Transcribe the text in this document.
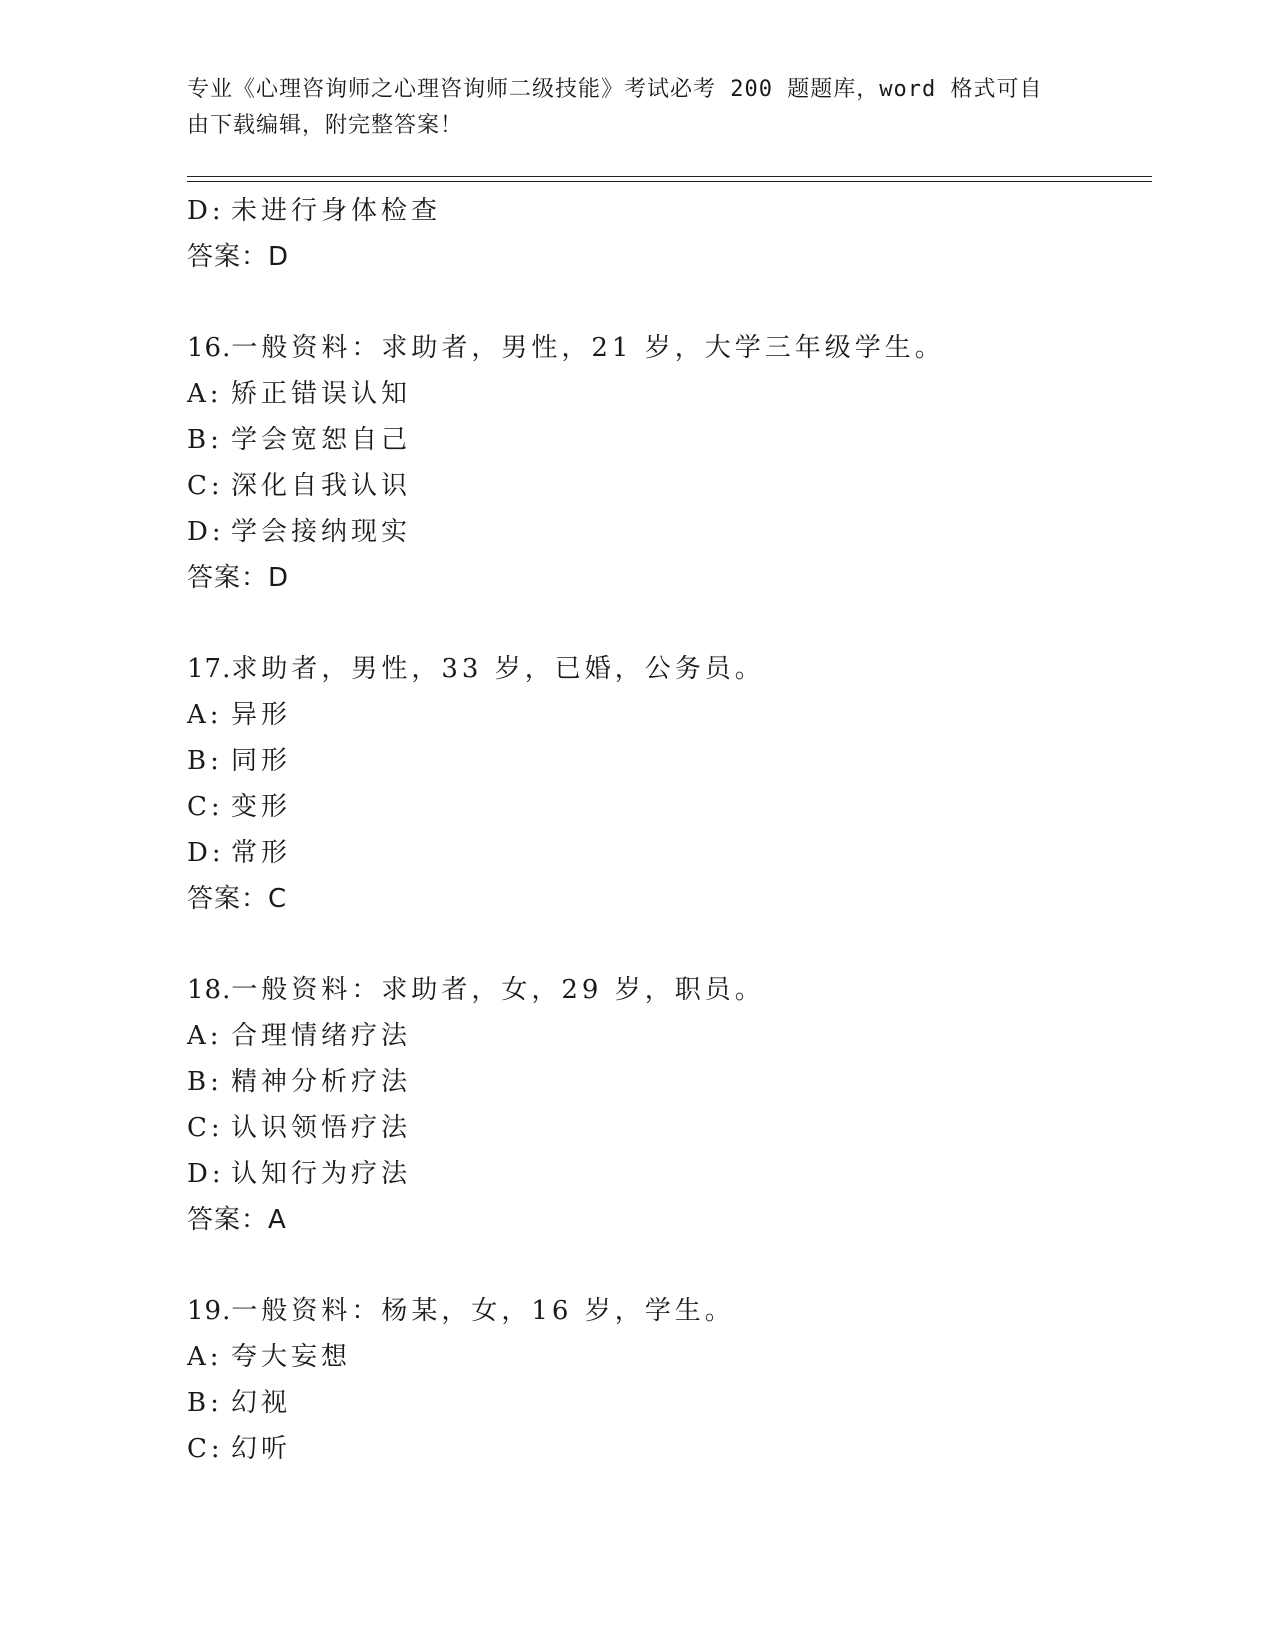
专业《心理咨询师之心理咨询师二级技能》考试必考 200 题题库，word 格式可自
由下载编辑，附完整答案！
D: 未进行身体检查
答案：D
16.一般资料：求助者，男性，21 岁，大学三年级学生。
A: 矫正错误认知
B: 学会宽恕自己
C: 深化自我认识
D: 学会接纳现实
答案：D
17.求助者，男性，33 岁，已婚，公务员。
A: 异形
B: 同形
C: 变形
D: 常形
答案：C
18.一般资料：求助者，女，29 岁，职员。
A: 合理情绪疗法
B: 精神分析疗法
C: 认识领悟疗法
D: 认知行为疗法
答案：A
19.一般资料：杨某，女，16 岁，学生。
A: 夸大妄想
B: 幻视
C: 幻听
